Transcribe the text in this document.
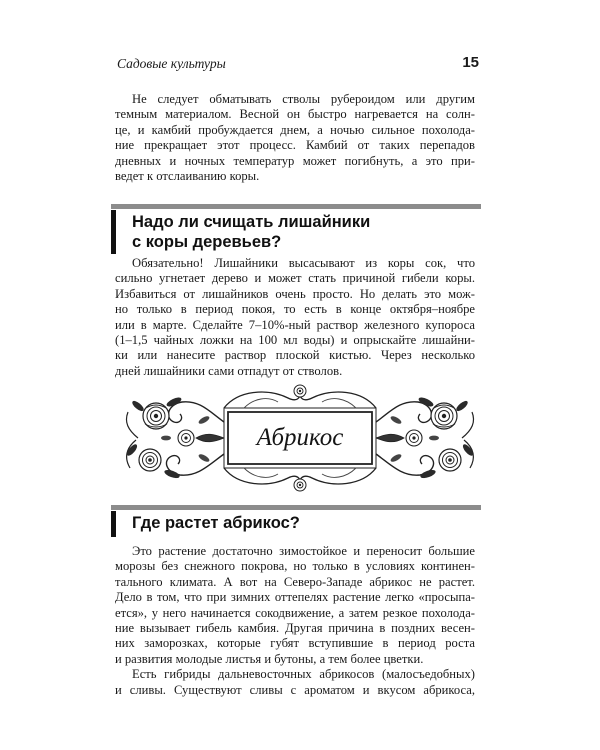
Садовые культуры	15
Не следует обматывать стволы рубероидом или другим
темным материалом. Весной он быстро нагревается на солн-
це, и камбий пробуждается днем, а ночью сильное похолода-
ние прекращает этот процесс. Камбий от таких перепадов
дневных и ночных температур может погибнуть, а это при-
ведет к отслаиванию коры.
Надо ли счищать лишайники
с коры деревьев?
Обязательно! Лишайники высасывают из коры сок, что
сильно угнетает дерево и может стать причиной гибели коры.
Избавиться от лишайников очень просто. Но делать это мож-
но только в период покоя, то есть в конце октября–ноябре
или в марте. Сделайте 7–10%-ный раствор железного купороса
(1–1,5 чайных ложки на 100 мл воды) и опрыскайте лишайни-
ки или нанесите раствор плоской кистью. Через несколько
дней лишайники сами отпадут от стволов.
Абрикос
Где растет абрикос?
Это растение достаточно зимостойкое и переносит большие
морозы без снежного покрова, но только в условиях континен-
тального климата. А вот на Северо-Западе абрикос не растет.
Дело в том, что при зимних оттепелях растение легко «просыпа-
ется», у него начинается сокодвижение, а затем резкое похолода-
ние вызывает гибель камбия. Другая причина в поздних весен-
них заморозках, которые губят вступившие в период роста
и развития молодые листья и бутоны, а тем более цветки.
Есть гибриды дальневосточных абрикосов (малосъедобных)
и сливы. Существуют сливы с ароматом и вкусом абрикоса,
